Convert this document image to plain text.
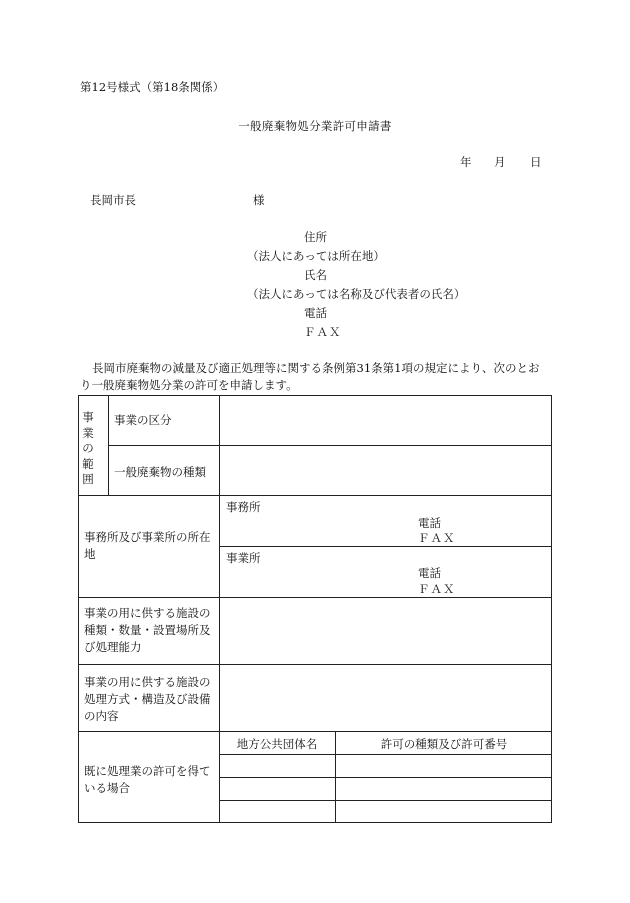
第12号様式（第18条関係）
一般廃棄物処分業許可申請書
年 月 日
長岡市長	様
住所
（法人にあっては所在地）
氏名
（法人にあっては名称及び代表者の氏名）
電話
ＦＡＸ
長岡市廃棄物の減量及び適正処理等に関する条例第31条第1項の規定により、次のとお
り一般廃棄物処分業の許可を申請します。
事
業
の
範
囲
事業の区分
一般廃棄物の種類
事務所及び事業所の所在
地
事務所
電話
ＦＡＸ
事業所
電話
ＦＡＸ
事業の用に供する施設の
種類・数量・設置場所及
び処理能力
事業の用に供する施設の
処理方式・構造及び設備
の内容
既に処理業の許可を得て
いる場合
地方公共団体名	許可の種類及び許可番号
